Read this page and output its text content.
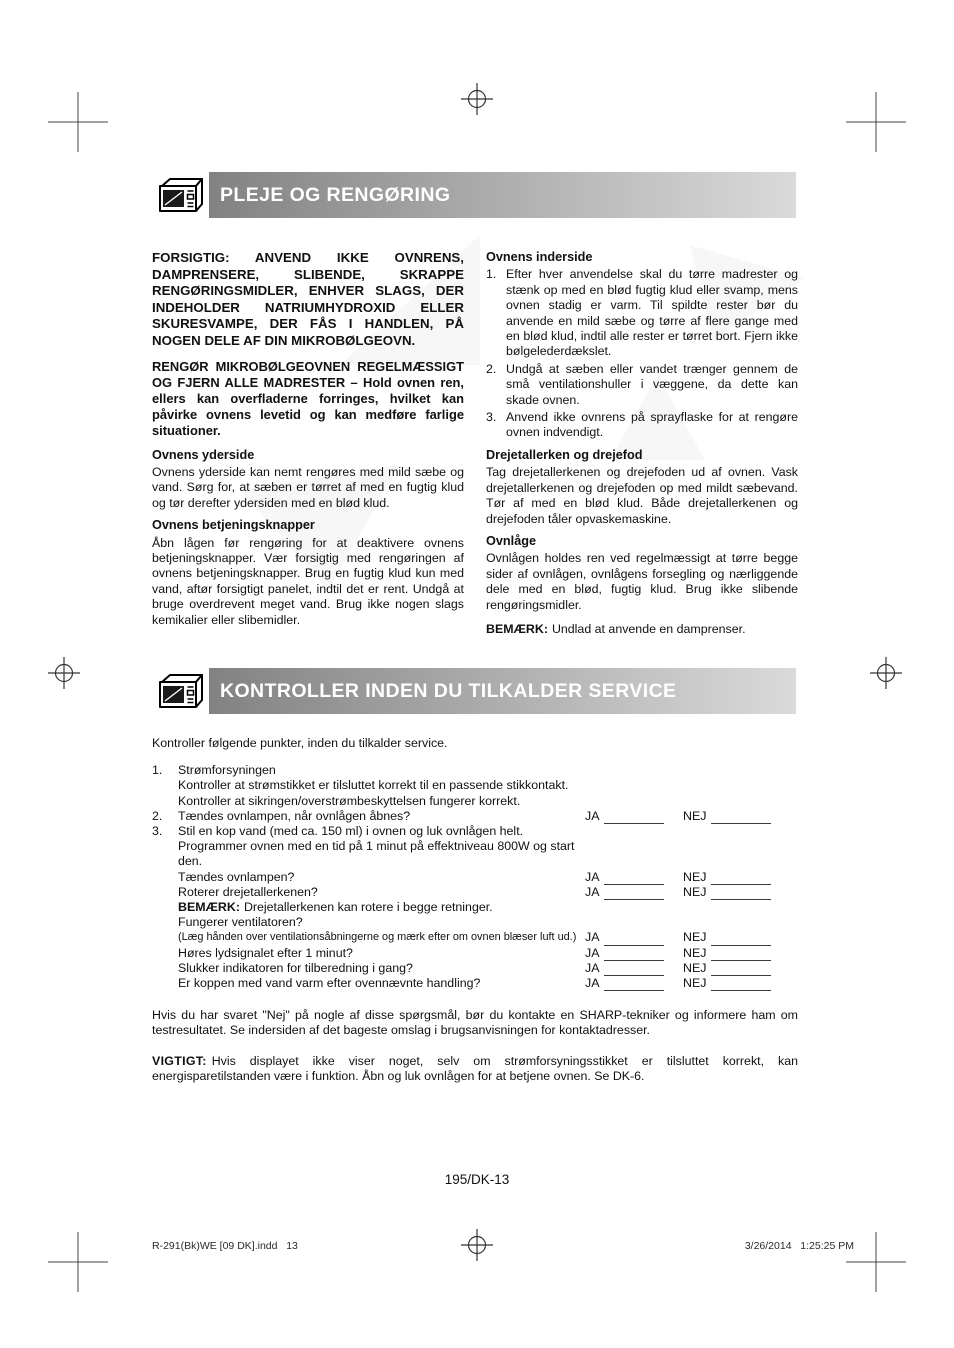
PLEJE OG RENGØRING

FORSIGTIG: ANVEND IKKE OVNRENS, DAMPRENSERE, SLIBENDE, SKRAPPE RENGØRINGSMIDLER, ENHVER SLAGS, DER INDEHOLDER NATRIUMHYDROXID ELLER SKURESVAMPE, DER FÅS I HANDLEN, PÅ NOGEN DELE AF DIN MIKROBØLGEOVN.

RENGØR MIKROBØLGEOVNEN REGELMÆSSIGT OG FJERN ALLE MADRESTER – Hold ovnen ren, ellers kan overfladerne forringes, hvilket kan påvirke ovnens levetid og kan medføre farlige situationer.

Ovnens yderside

Ovnens yderside kan nemt rengøres med mild sæbe og vand. Sørg for, at sæben er tørret af med en fugtig klud og tør derefter ydersiden med en blød klud.

Ovnens betjeningsknapper

Åbn lågen før rengøring for at deaktivere ovnens betjeningsknapper. Vær forsigtig med rengøringen af ovnens betjeningsknapper. Brug en fugtig klud kun med vand, aftør forsigtigt panelet, indtil det er rent. Undgå at bruge overdrevent meget vand. Brug ikke nogen slags kemikalier eller slibemidler.

Ovnens inderside
1. Efter hver anvendelse skal du tørre madrester og stænk op med en blød fugtig klud eller svamp, mens ovnen stadig er varm. Til spildte rester bør du anvende en mild sæbe og tørre af flere gange med en blød klud, indtil alle rester er tørret bort. Fjern ikke bølgelederdækslet.
2. Undgå at sæben eller vandet trænger gennem de små ventilationshuller i væggene, da dette kan skade ovnen.
3. Anvend ikke ovnrens på sprayflaske for at rengøre ovnen indvendigt.
Drejetallerken og drejefod

Tag drejetallerkenen og drejefoden ud af ovnen. Vask drejetallerkenen og drejefoden op med mildt sæbevand. Tør af med en blød klud. Både drejetallerkenen og drejefoden tåler opvaskemaskine.

Ovnlåge

Ovnlågen holdes ren ved regelmæssigt at tørre begge sider af ovnlågen, ovnlågens forsegling og nærliggende dele med en blød, fugtig klud. Brug ikke slibende rengøringsmidler.

BEMÆRK: Undlad at anvende en damprenser.

KONTROLLER INDEN DU TILKALDER SERVICE

Kontroller følgende punkter, inden du tilkalder service.

1.	Strømforsyningen
Kontroller at strømstikket er tilsluttet korrekt til en passende stikkontakt.
Kontroller at sikringen/overstrømbeskyttelsen fungerer korrekt.
2.	Tændes ovnlampen, når ovnlågen åbnes?	JA	NEJ
3.	Stil en kop vand (med ca. 150 ml) i ovnen og luk ovnlågen helt.
Programmer ovnen med en tid på 1 minut på effektniveau 800W og start den.
Tændes ovnlampen?	JA	NEJ
Roterer drejetallerkenen?	JA	NEJ
BEMÆRK: Drejetallerkenen kan rotere i begge retninger.
Fungerer ventilatoren?
(Læg hånden over ventilationsåbningerne og mærk efter om ovnen blæser luft ud.) JA	NEJ
Høres lydsignalet efter 1 minut?	JA	NEJ
Slukker indikatoren for tilberedning i gang?	JA	NEJ
Er koppen med vand varm efter ovennævnte handling?	JA	NEJ

Hvis du har svaret "Nej" på nogle af disse spørgsmål, bør du kontakte en SHARP-tekniker og informere ham om testresultatet. Se indersiden af det bageste omslag i brugsanvisningen for kontaktadresser.

VIGTIGT: Hvis displayet ikke viser noget, selv om strømforsyningsstikket er tilsluttet korrekt, kan energisparetilstanden være i funktion. Åbn og luk ovnlågen for at betjene ovnen. Se DK-6.

195/DK-13
R-291(Bk)WE [09 DK].indd   13	3/26/2014   1:25:25 PM
